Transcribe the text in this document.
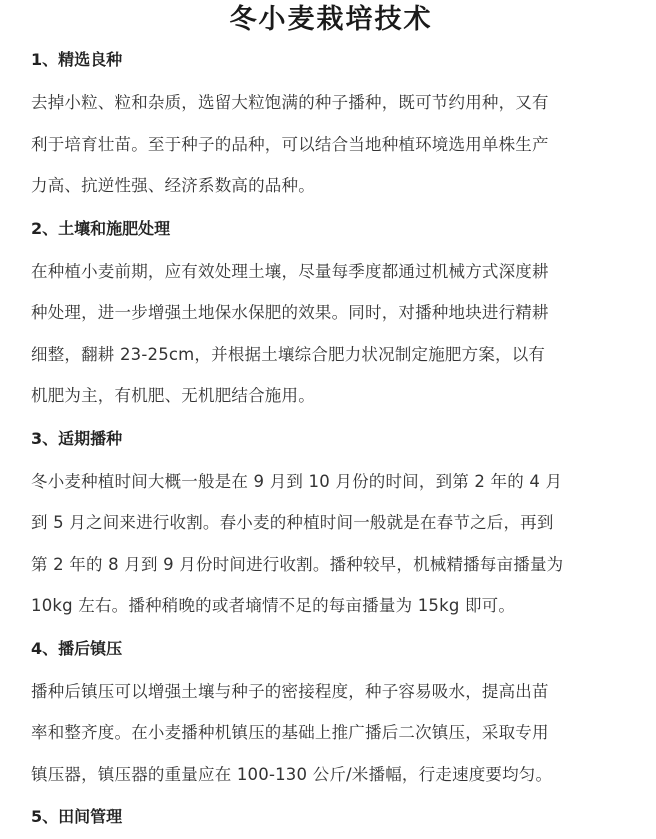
冬小麦栽培技术
1、精选良种

去掉小粒、粒和杂质，选留大粒饱满的种子播种，既可节约用种，又有
利于培育壮苗。至于种子的品种，可以结合当地种植环境选用单株生产
力高、抗逆性强、经济系数高的品种。

2、土壤和施肥处理

在种植小麦前期，应有效处理土壤，尽量每季度都通过机械方式深度耕
种处理，进一步增强土地保水保肥的效果。同时，对播种地块进行精耕
细整，翻耕 23-25cm，并根据土壤综合肥力状况制定施肥方案，以有
机肥为主，有机肥、无机肥结合施用。

3、适期播种

冬小麦种植时间大概一般是在 9 月到 10 月份的时间，到第 2 年的 4 月
到 5 月之间来进行收割。春小麦的种植时间一般就是在春节之后，再到
第 2 年的 8 月到 9 月份时间进行收割。播种较早，机械精播每亩播量为
10kg 左右。播种稍晚的或者墒情不足的每亩播量为 15kg 即可。

4、播后镇压

播种后镇压可以增强土壤与种子的密接程度，种子容易吸水，提高出苗
率和整齐度。在小麦播种机镇压的基础上推广播后二次镇压，采取专用
镇压器，镇压器的重量应在 100-130 公斤/米播幅，行走速度要均匀。

5、田间管理
